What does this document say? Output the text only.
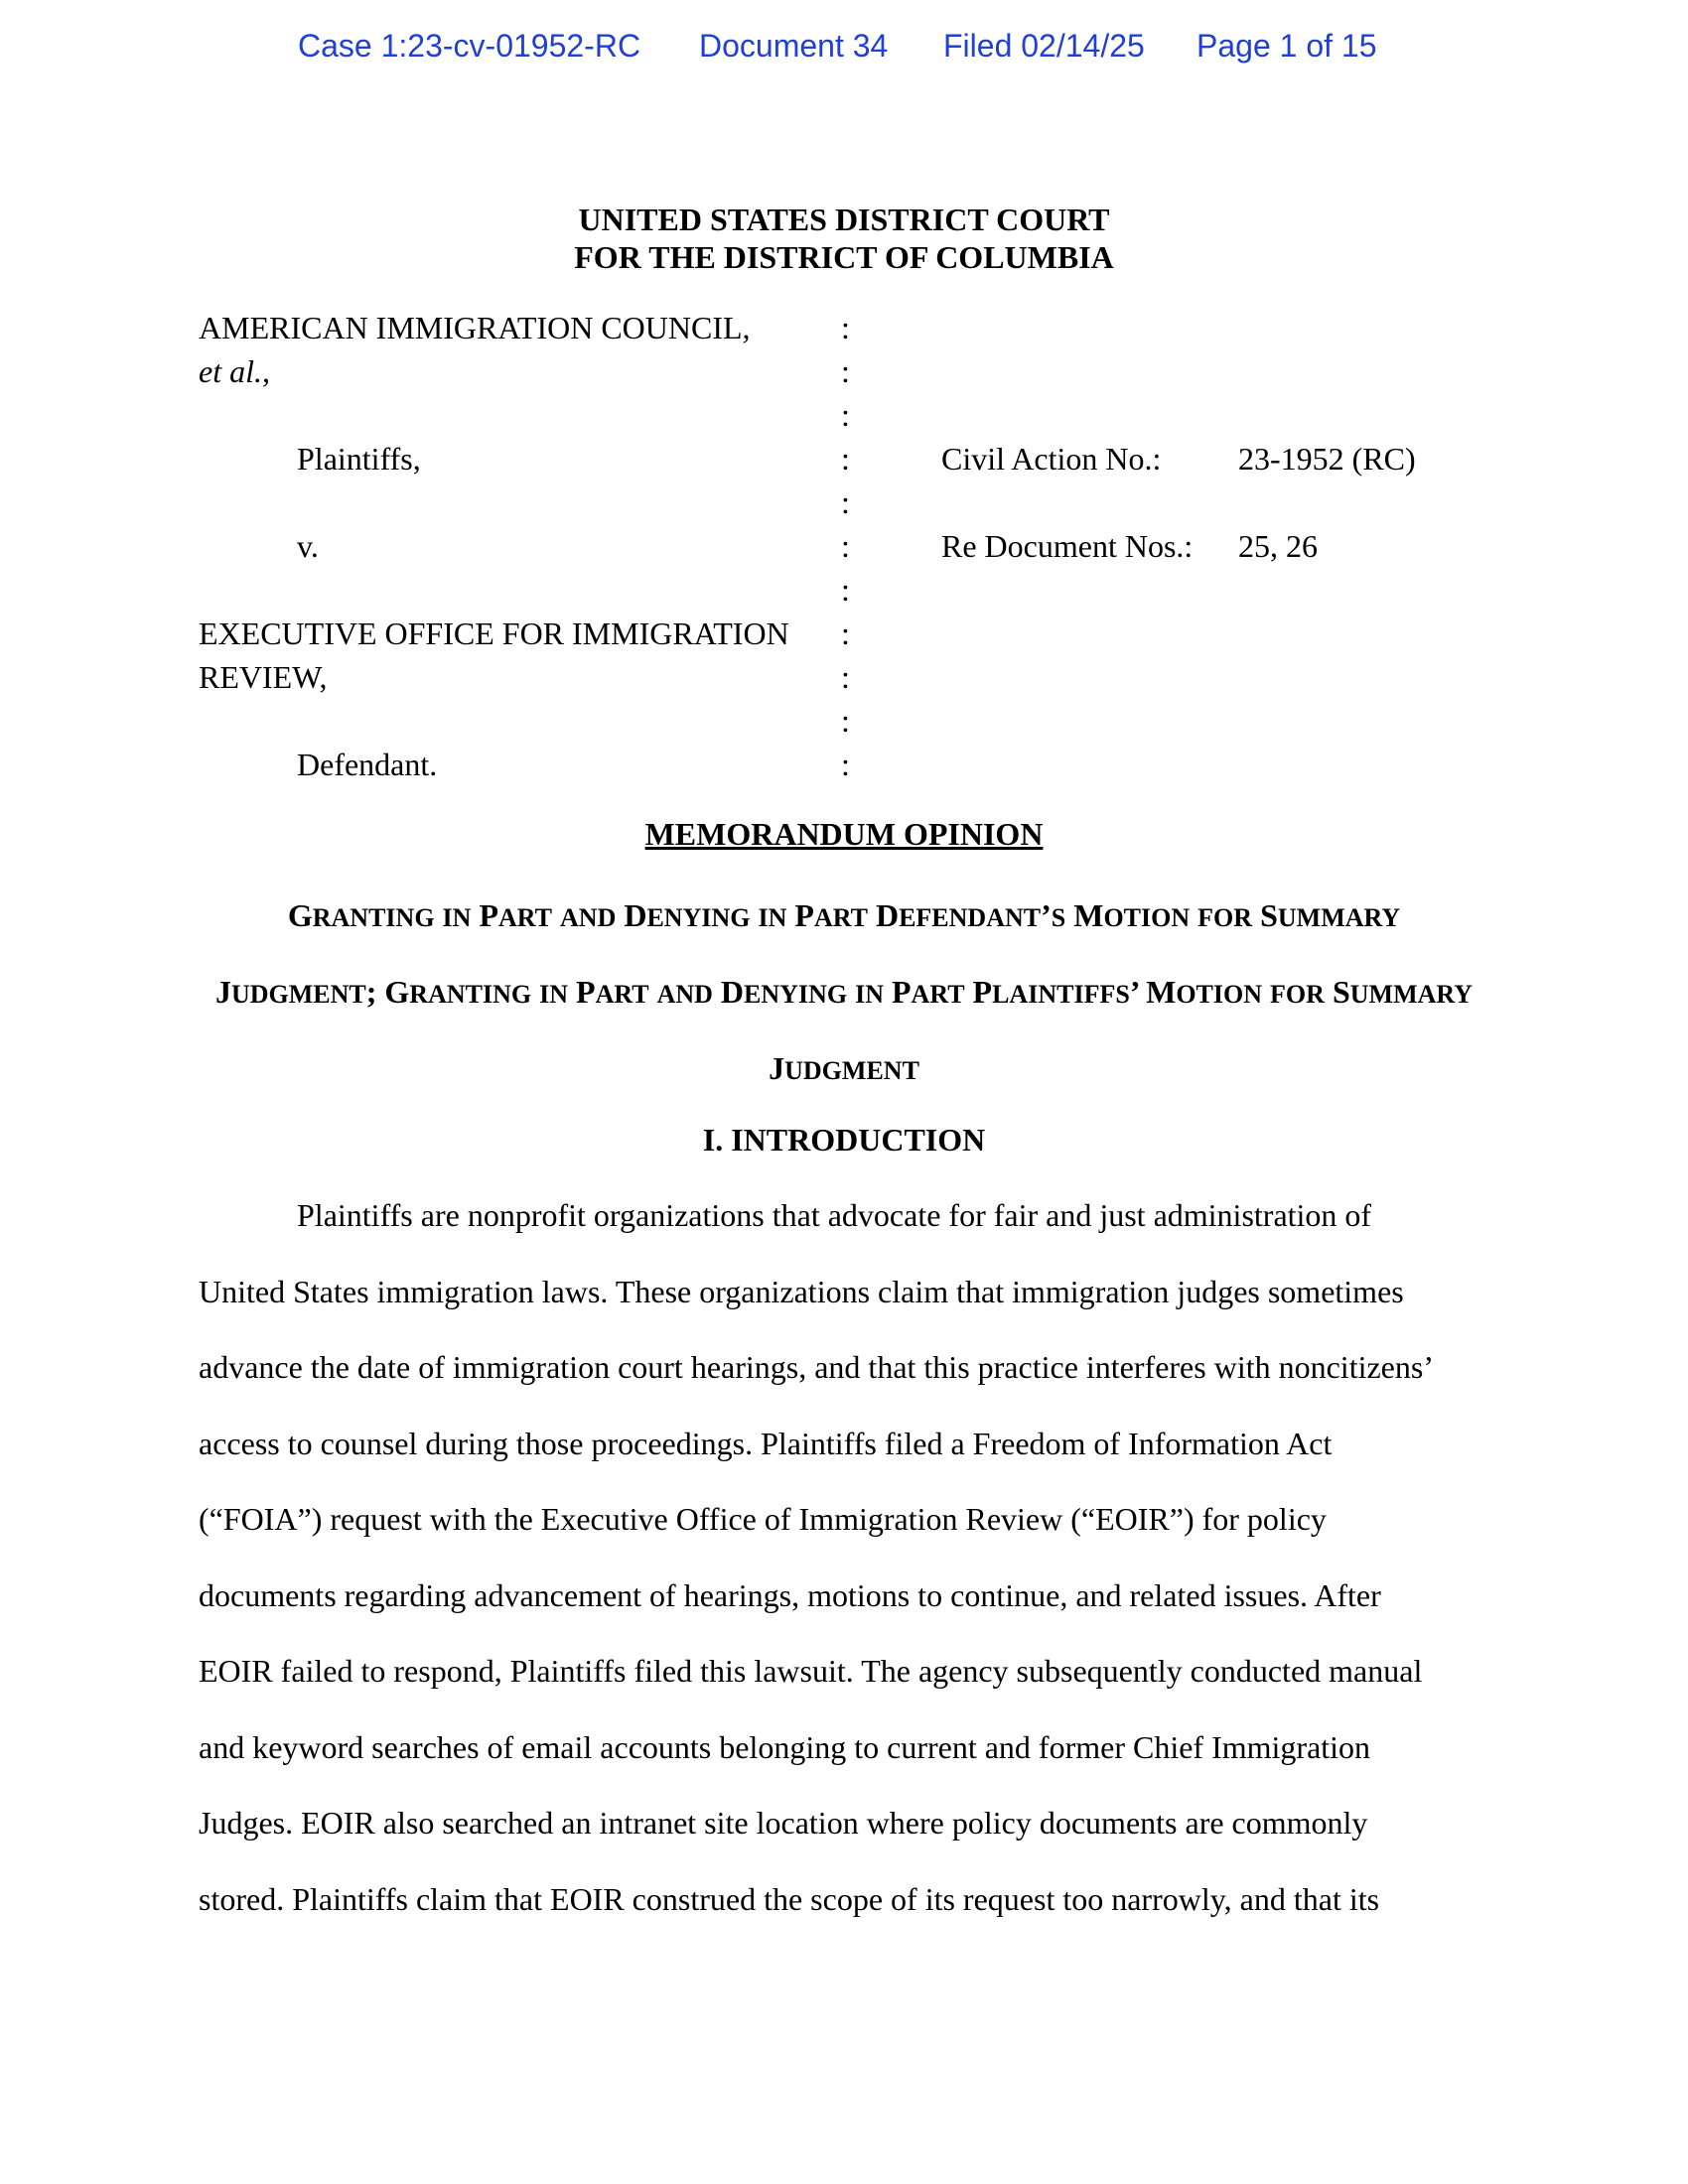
Case 1:23-cv-01952-RC Document 34 Filed 02/14/25 Page 1 of 15
UNITED STATES DISTRICT COURT
FOR THE DISTRICT OF COLUMBIA
AMERICAN IMMIGRATION COUNCIL,
et al.,
Plaintiffs,
v.
EXECUTIVE OFFICE FOR IMMIGRATION
REVIEW,
Defendant.
:
:
:
:
:
:
:
:
:
:
:
Civil Action No.: 23-1952 (RC)
Re Document Nos.: 25, 26
MEMORANDUM OPINION
GRANTING IN PART AND DENYING IN PART DEFENDANT’S MOTION FOR SUMMARY
JUDGMENT; GRANTING IN PART AND DENYING IN PART PLAINTIFFS’ MOTION FOR SUMMARY
JUDGMENT
I. INTRODUCTION
Plaintiffs are nonprofit organizations that advocate for fair and just administration of
United States immigration laws. These organizations claim that immigration judges sometimes
advance the date of immigration court hearings, and that this practice interferes with noncitizens’
access to counsel during those proceedings. Plaintiffs filed a Freedom of Information Act
(“FOIA”) request with the Executive Office of Immigration Review (“EOIR”) for policy
documents regarding advancement of hearings, motions to continue, and related issues. After
EOIR failed to respond, Plaintiffs filed this lawsuit. The agency subsequently conducted manual
and keyword searches of email accounts belonging to current and former Chief Immigration
Judges. EOIR also searched an intranet site location where policy documents are commonly
stored. Plaintiffs claim that EOIR construed the scope of its request too narrowly, and that its
